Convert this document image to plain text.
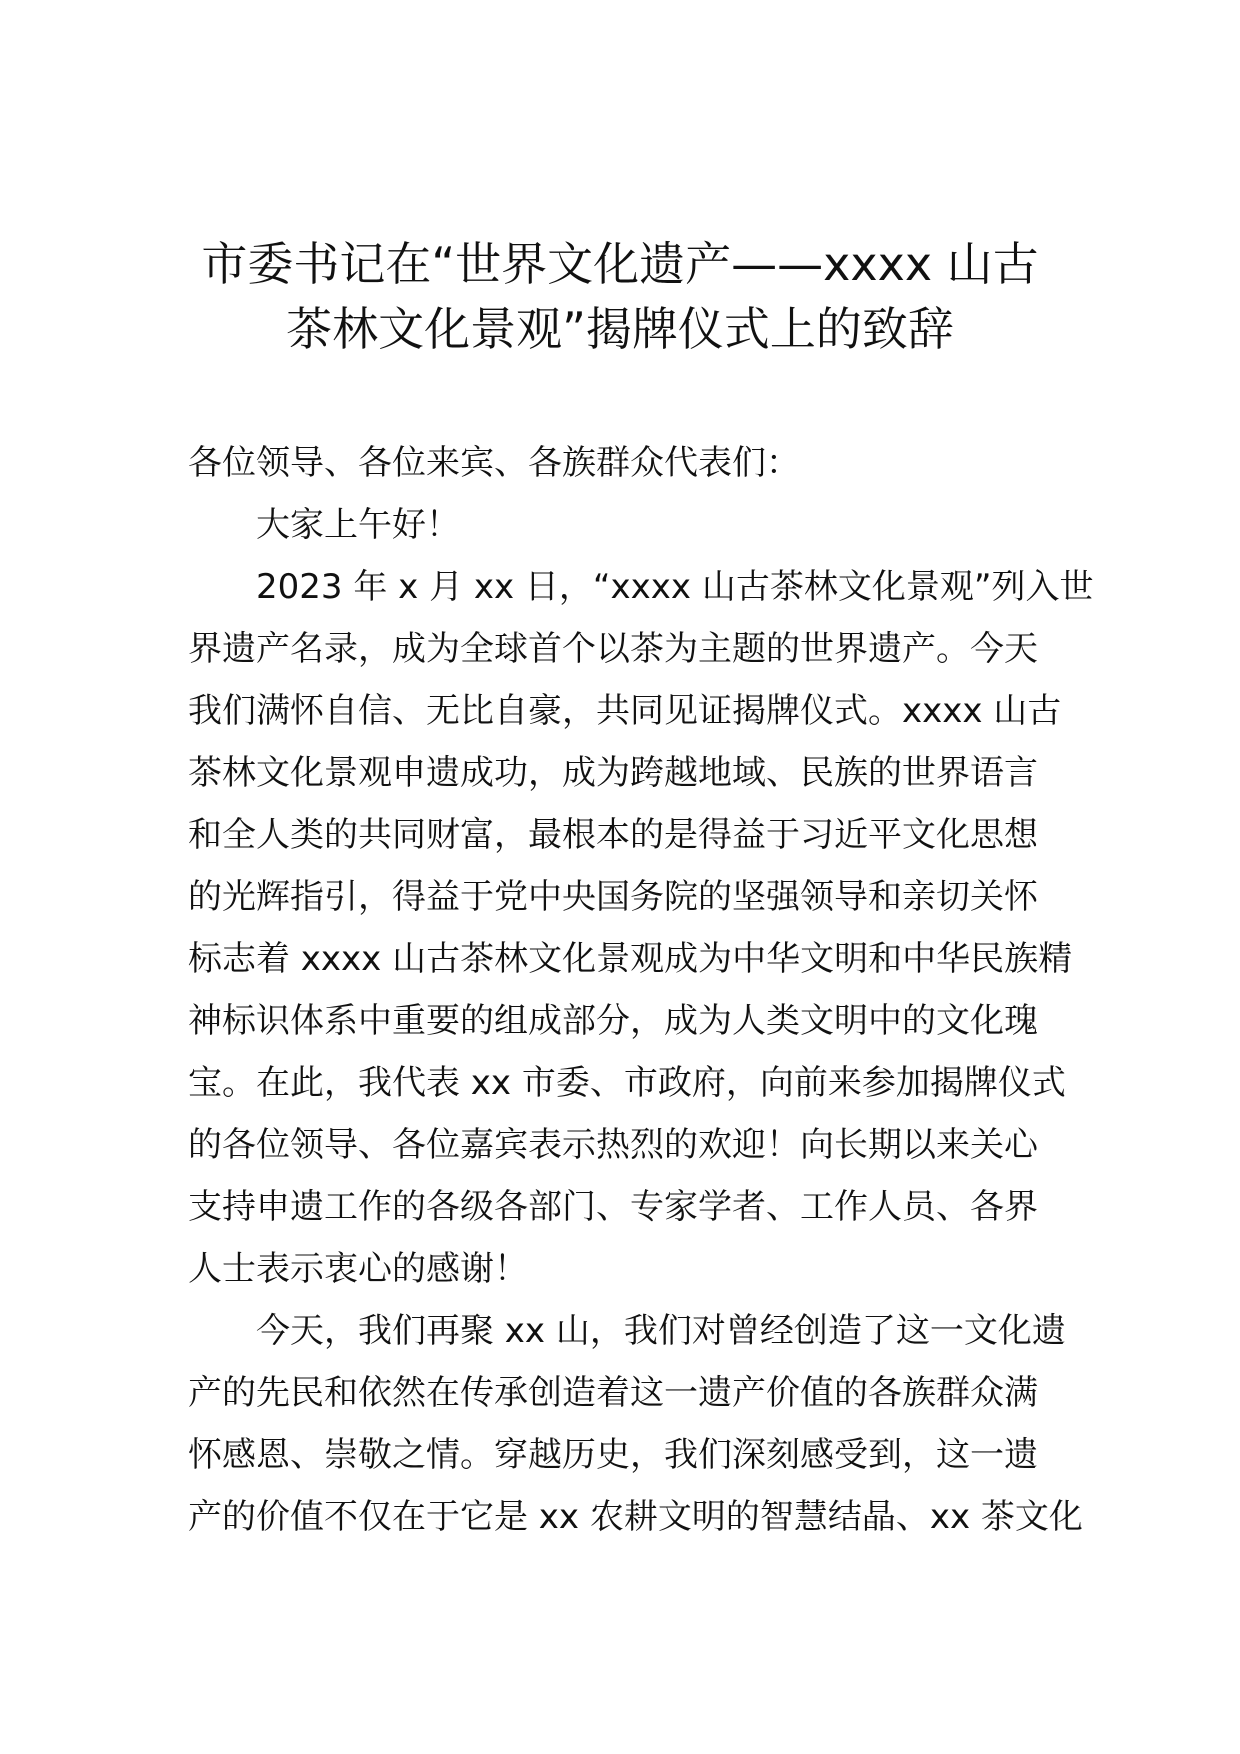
市委书记在“世界文化遗产——xxxx 山古
茶林文化景观”揭牌仪式上的致辞

各位领导、各位来宾、各族群众代表们：

大家上午好！

2023 年 x 月 xx 日，“xxxx 山古茶林文化景观”列入世
界遗产名录，成为全球首个以茶为主题的世界遗产。今天
我们满怀自信、无比自豪，共同见证揭牌仪式。xxxx 山古
茶林文化景观申遗成功，成为跨越地域、民族的世界语言
和全人类的共同财富，最根本的是得益于习近平文化思想
的光辉指引，得益于党中央国务院的坚强领导和亲切关怀
标志着 xxxx 山古茶林文化景观成为中华文明和中华民族精
神标识体系中重要的组成部分，成为人类文明中的文化瑰
宝。在此，我代表 xx 市委、市政府，向前来参加揭牌仪式
的各位领导、各位嘉宾表示热烈的欢迎！向长期以来关心
支持申遗工作的各级各部门、专家学者、工作人员、各界
人士表示衷心的感谢！

今天，我们再聚 xx 山，我们对曾经创造了这一文化遗
产的先民和依然在传承创造着这一遗产价值的各族群众满
怀感恩、崇敬之情。穿越历史，我们深刻感受到，这一遗
产的价值不仅在于它是 xx 农耕文明的智慧结晶、xx 茶文化
